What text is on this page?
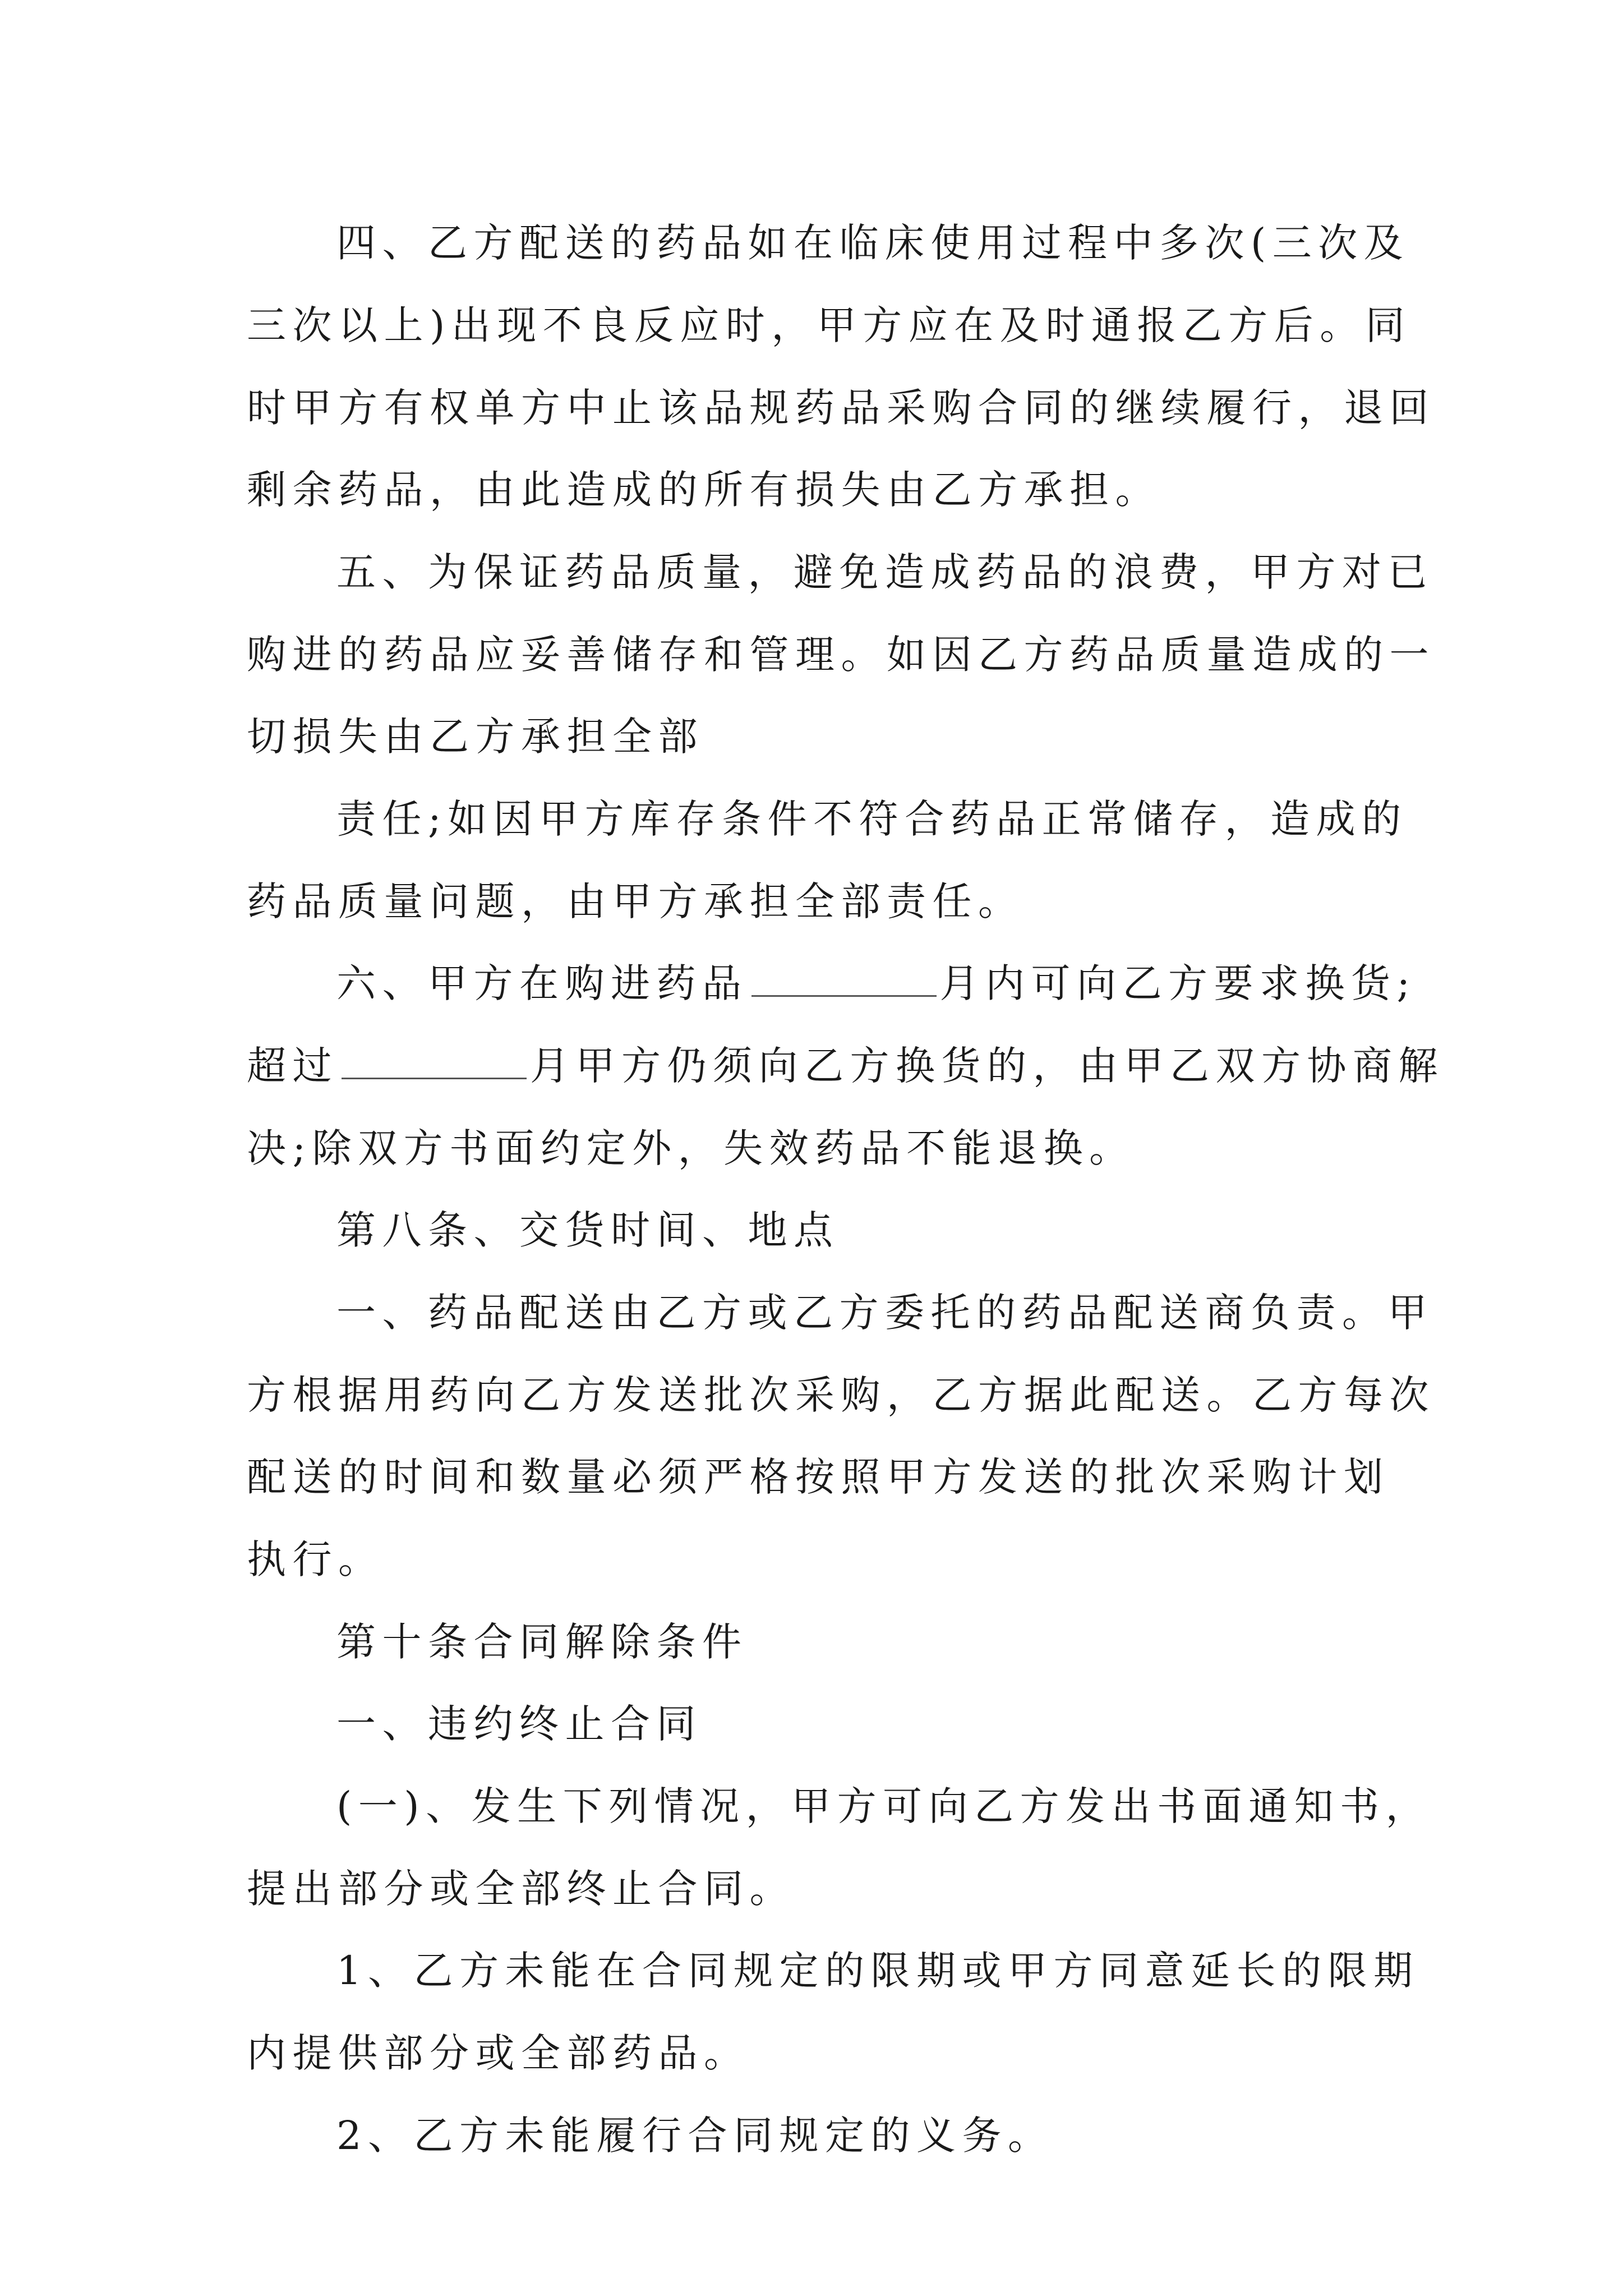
四、乙方配送的药品如在临床使用过程中多次(三次及
三次以上)出现不良反应时，甲方应在及时通报乙方后。同
时甲方有权单方中止该品规药品采购合同的继续履行，退回
剩余药品，由此造成的所有损失由乙方承担。
五、为保证药品质量，避免造成药品的浪费，甲方对已
购进的药品应妥善储存和管理。如因乙方药品质量造成的一
切损失由乙方承担全部
责任;如因甲方库存条件不符合药品正常储存，造成的
药品质量问题，由甲方承担全部责任。
六、甲方在购进药品	月内可向乙方要求换货;
超过	月甲方仍须向乙方换货的，由甲乙双方协商解
决;除双方书面约定外，失效药品不能退换。
第八条、交货时间、地点
一、药品配送由乙方或乙方委托的药品配送商负责。甲
方根据用药向乙方发送批次采购，乙方据此配送。乙方每次
配送的时间和数量必须严格按照甲方发送的批次采购计划
执行。
第十条合同解除条件
一、违约终止合同
(一)、发生下列情况，甲方可向乙方发出书面通知书，
提出部分或全部终止合同。
1、乙方未能在合同规定的限期或甲方同意延长的限期
内提供部分或全部药品。
2、乙方未能履行合同规定的义务。
